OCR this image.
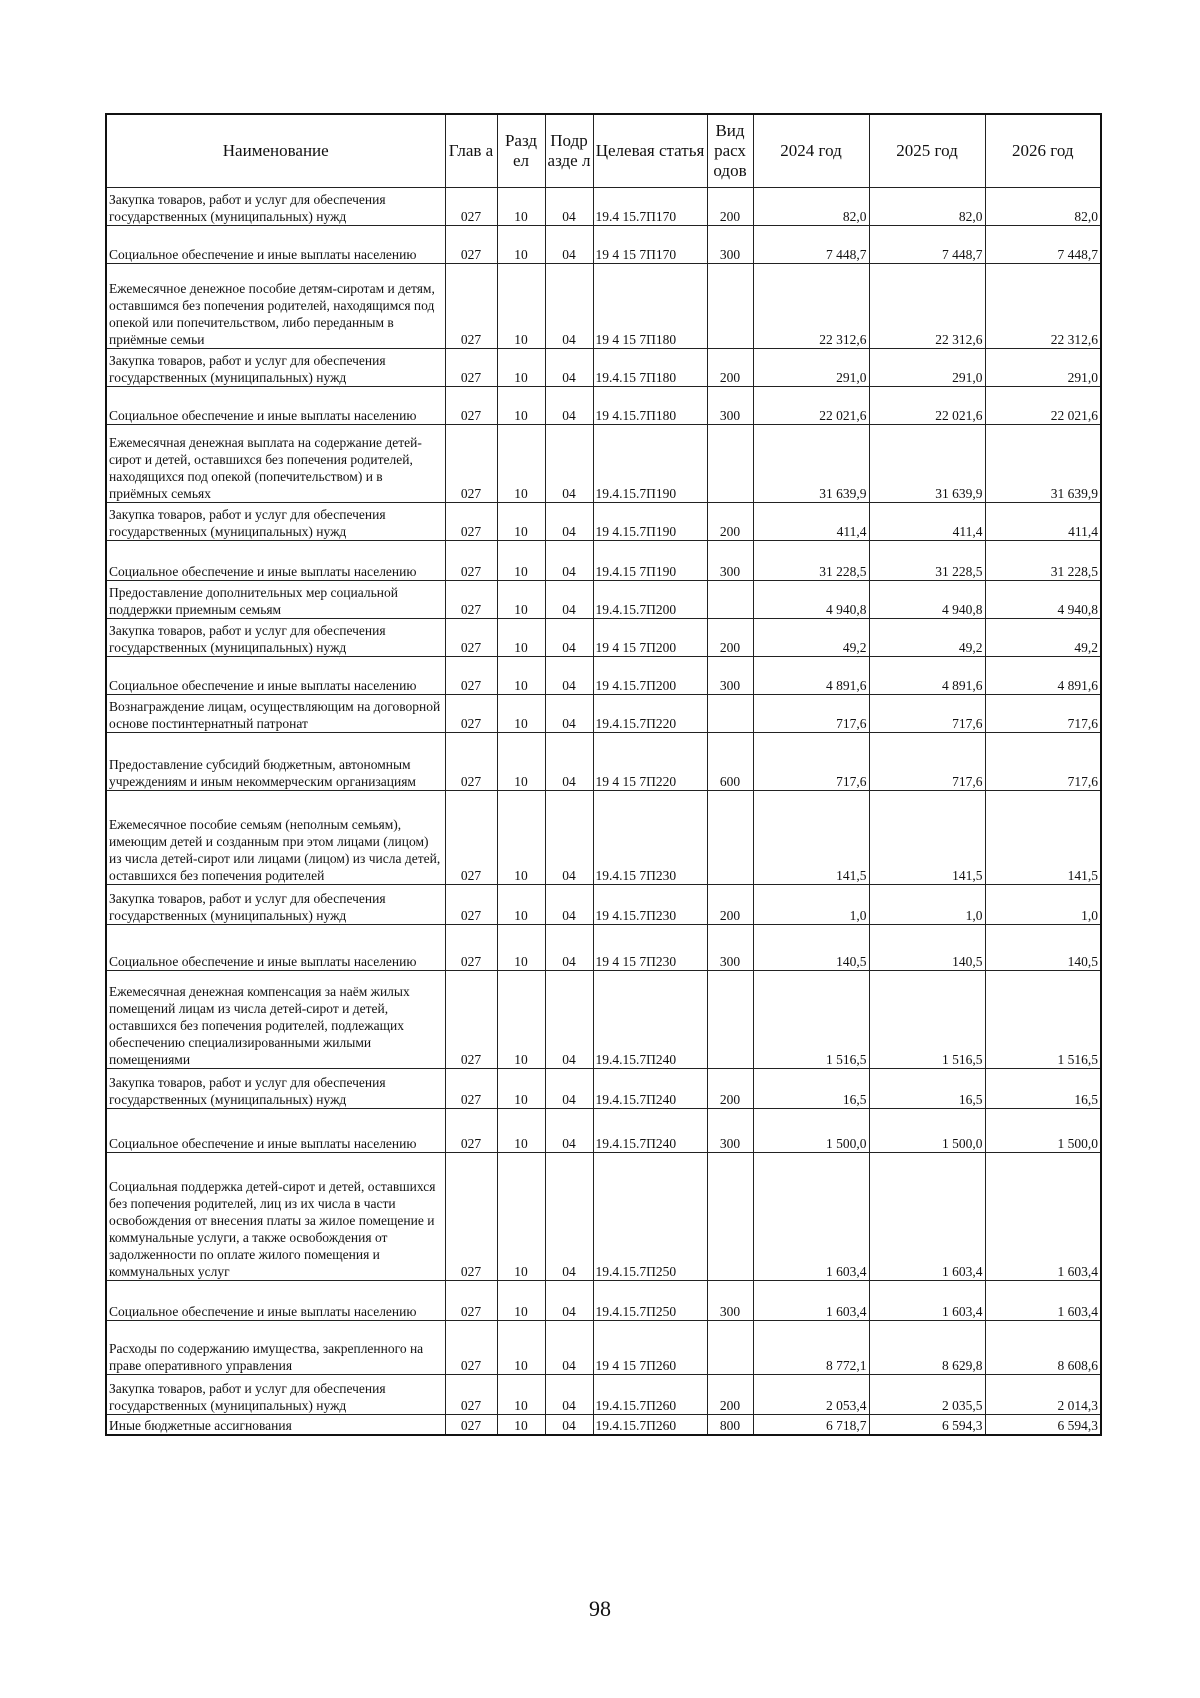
Наименование	Глав а	Разд ел	Подр азде л	Целевая статья	Вид расх одов	2024 год	2025 год	2026 год
Закупка товаров, работ и услуг для обеспечения государственных (муниципальных) нужд	027	10	04	19.4 15.7П170	200	82,0	82,0	82,0
Социальное обеспечение и иные выплаты населению	027	10	04	19 4 15 7П170	300	7 448,7	7 448,7	7 448,7
Ежемесячное денежное пособие детям-сиротам и детям, оставшимся без попечения родителей, находящимся под опекой или попечительством, либо переданным в приёмные семьи	027	10	04	19 4 15 7П180		22 312,6	22 312,6	22 312,6
Закупка товаров, работ и услуг для обеспечения государственных (муниципальных) нужд	027	10	04	19.4.15 7П180	200	291,0	291,0	291,0
Социальное обеспечение и иные выплаты населению	027	10	04	19 4.15.7П180	300	22 021,6	22 021,6	22 021,6
Ежемесячная денежная выплата на содержание детей-сирот и детей, оставшихся без попечения родителей, находящихся под опекой (попечительством) и в приёмных семьях	027	10	04	19.4.15.7П190		31 639,9	31 639,9	31 639,9
Закупка товаров, работ и услуг для обеспечения государственных (муниципальных) нужд	027	10	04	19 4.15.7П190	200	411,4	411,4	411,4
Социальное обеспечение и иные выплаты населению	027	10	04	19.4.15 7П190	300	31 228,5	31 228,5	31 228,5
Предоставление дополнительных мер социальной поддержки приемным семьям	027	10	04	19.4.15.7П200		4 940,8	4 940,8	4 940,8
Закупка товаров, работ и услуг для обеспечения государственных (муниципальных) нужд	027	10	04	19 4 15 7П200	200	49,2	49,2	49,2
Социальное обеспечение и иные выплаты населению	027	10	04	19 4.15.7П200	300	4 891,6	4 891,6	4 891,6
Вознаграждение лицам, осуществляющим на договорной основе постинтернатный патронат	027	10	04	19.4.15.7П220		717,6	717,6	717,6
Предоставление субсидий бюджетным, автономным учреждениям и иным некоммерческим организациям	027	10	04	19 4 15 7П220	600	717,6	717,6	717,6
Ежемесячное пособие семьям (неполным семьям), имеющим детей и созданным при этом лицами (лицом) из числа детей-сирот или лицами (лицом) из числа детей, оставшихся без попечения родителей	027	10	04	19.4.15 7П230		141,5	141,5	141,5
Закупка товаров, работ и услуг для обеспечения государственных (муниципальных) нужд	027	10	04	19 4.15.7П230	200	1,0	1,0	1,0
Социальное обеспечение и иные выплаты населению	027	10	04	19 4 15 7П230	300	140,5	140,5	140,5
Ежемесячная денежная компенсация за наём жилых помещений лицам из числа детей-сирот и детей, оставшихся без попечения родителей, подлежащих обеспечению специализированными жилыми помещениями	027	10	04	19.4.15.7П240		1 516,5	1 516,5	1 516,5
Закупка товаров, работ и услуг для обеспечения государственных (муниципальных) нужд	027	10	04	19.4.15.7П240	200	16,5	16,5	16,5
Социальное обеспечение и иные выплаты населению	027	10	04	19.4.15.7П240	300	1 500,0	1 500,0	1 500,0
Социальная поддержка детей-сирот и детей, оставшихся без попечения родителей, лиц из их числа в части освобождения от внесения платы за жилое помещение и коммунальные услуги, а также освобождения от задолженности по оплате жилого помещения и коммунальных услуг	027	10	04	19.4.15.7П250		1 603,4	1 603,4	1 603,4
Социальное обеспечение и иные выплаты населению	027	10	04	19.4.15.7П250	300	1 603,4	1 603,4	1 603,4
Расходы по содержанию имущества, закрепленного на праве оперативного управления	027	10	04	19 4 15 7П260		8 772,1	8 629,8	8 608,6
Закупка товаров, работ и услуг для обеспечения государственных (муниципальных) нужд	027	10	04	19.4.15.7П260	200	2 053,4	2 035,5	2 014,3
Иные бюджетные ассигнования	027	10	04	19.4.15.7П260	800	6 718,7	6 594,3	6 594,3
98
